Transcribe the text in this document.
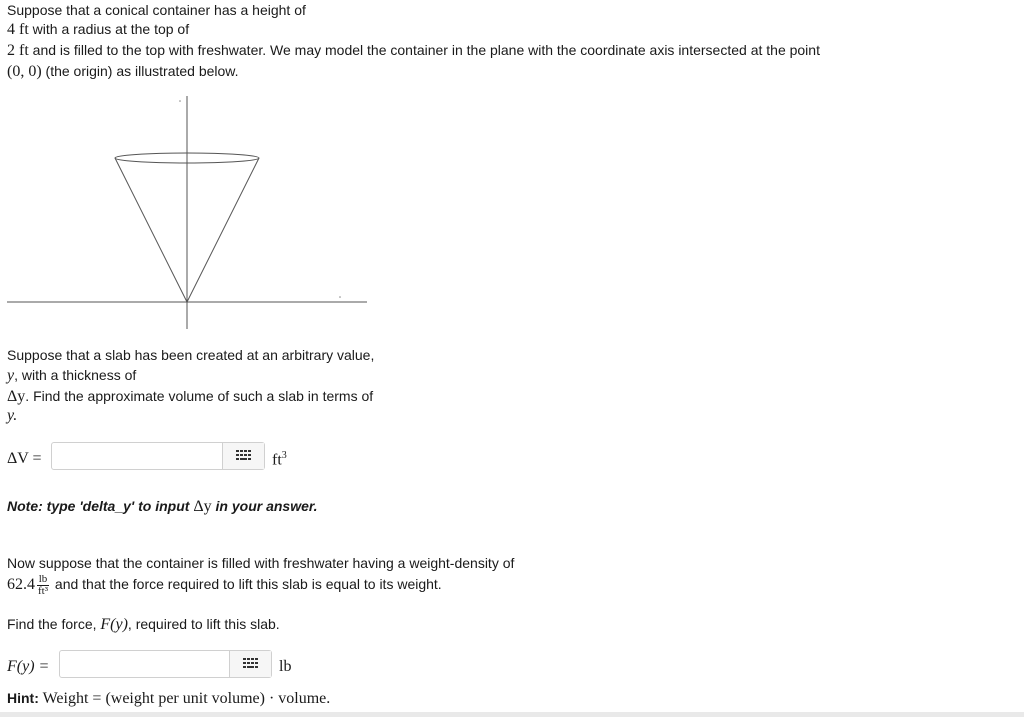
Suppose that a conical container has a height of
4 ft with a radius at the top of
2 ft and is filled to the top with freshwater. We may model the container in the plane with the coordinate axis intersected at the point
(0, 0) (the origin) as illustrated below.
Suppose that a slab has been created at an arbitrary value,
y, with a thickness of
Δy. Find the approximate volume of such a slab in terms of
y.
ΔV =	$ft^3$
Note: type 'delta_y' to input Δy in your answer.
Now suppose that the container is filled with freshwater having a weight-density of
$62.4 \frac{lb}{\text{ft³}}$ and that the force required to lift this slab is equal to its weight.
Find the force, F(y), required to lift this slab.
F(y) =	lb
Hint: Weight = (weight per unit volume) · volume.
